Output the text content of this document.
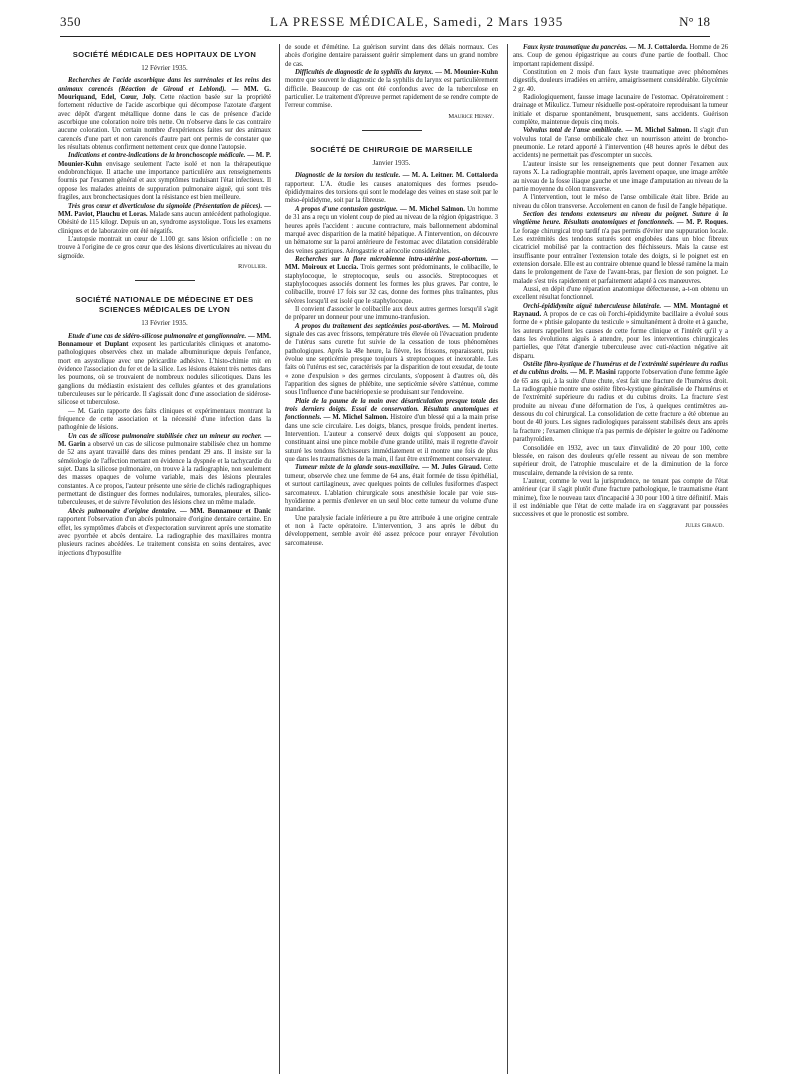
350	LA PRESSE MÉDICALE, Samedi, 2 Mars 1935	N° 18
SOCIÉTÉ MÉDICALE DES HOPITAUX DE LYON
12 Février 1935.

Recherches de l'acide ascorbique dans les surrénales et les reins des animaux carencés (Réaction de Giroud et Leblond). — MM. G. Mouriquand, Edel, Cœur, Joly. Cette réaction basée sur la propriété fortement réductive de l'acide ascorbique qui décompose l'azotate d'argent avec dépôt d'argent métallique donne dans le cas de présence d'acide ascorbique une coloration noire très nette. On n'observe dans le cas contraire aucune coloration. Un certain nombre d'expériences faites sur des animaux carencés d'une part et non carencés d'autre part ont permis de constater que les résultats obtenus confirment nettement ceux que donne l'autopsie.

Indications et contre-indications de la bronchoscopie médicale. — M. P. Mounier-Kuhn envisage seulement l'acte isolé et non la thérapeutique endobronchique. Il attache une importance particulière aux renseignements fournis par l'examen général et aux symptômes traduisant l'état infectieux. Il oppose les malades atteints de suppuration pulmonaire aiguë, qui sont très fragiles, aux bronchectasiques dont la résistance est bien meilleure.

Très gros cœur et diverticulose du sigmoïde (Présentation de pièces). — MM. Paviot, Plauchu et Loras. Malade sans aucun antécédent pathologique. Obésité de 115 kilogr. Depuis un an, syndrome asystolique. Tous les examens cliniques et de laboratoire ont été négatifs.

L'autopsie montrait un cœur de 1.100 gr. sans lésion orificielle : on ne trouve à l'origine de ce gros cœur que des lésions diverticulaires au niveau du sigmoïde.

Rivollier.
SOCIÉTÉ NATIONALE DE MÉDECINE ET DES SCIENCES MÉDICALES DE LYON
13 Février 1935.

Etude d'une cas de sidéro-silicose pulmonaire et ganglionnaire. — MM. Bonnamour et Duplant exposent les particularités cliniques et anatomo-pathologiques observées chez un malade albuminurique depuis l'enfance, mort en asystolique avec une péricardite adhésive. L'histo-chimie mit en évidence l'association du fer et de la silice. Les lésions étaient très nettes dans les poumons, où se trouvaient de nombreux nodules silicotiques. Dans les ganglions du médiastin existaient des cellules géantes et des granulations tuberculeuses sur le péricarde. Il s'agissait donc d'une association de sidérose-silicose et tuberculose.

— M. Garin rapporte des faits cliniques et expérimentaux montrant la fréquence de cette association et la nécessité d'une infection dans la pathogénie de lésions.

Un cas de silicose pulmonaire stabilisée chez un mineur au rocher. — M. Garin a observé un cas de silicose pulmonaire stabilisée chez un homme de 52 ans ayant travaillé dans des mines pendant 29 ans. Il insiste sur la séméiologie de l'affection mettant en évidence la dyspnée et la tachycardie du sujet. Dans la silicose pulmonaire, on trouve à la radiographie, non seulement des masses opaques de volume variable, mais des lésions pleurales constantes. A ce propos, l'auteur présente une série de clichés radiographiques permettant de distinguer des formes nodulaires, tumorales, pleurales, silico-tuberculeuses, et de suivre l'évolution des lésions chez un même malade.

Abcès pulmonaire d'origine dentaire. — MM. Bonnamour et Danic rapportent l'observation d'un abcès pulmonaire d'origine dentaire certaine. En effet, les symptômes d'abcès et d'expectoration survinrent après une stomatite avec pyorrhée et abcès dentaire. La radiographie des maxillaires montra plusieurs racines abcédées. Le traitement consista en soins dentaires, avec injections d'hyposulfite

de soude et d'émétine. La guérison survint dans des délais normaux. Ces abcès d'origine dentaire paraissent guérir simplement dans un grand nombre de cas.

Difficultés de diagnostic de la syphilis du larynx. — M. Mounier-Kuhn montre que souvent le diagnostic de la syphilis du larynx est particulièrement difficile. Beaucoup de cas ont été confondus avec de la tuberculose en particulier. Le traitement d'épreuve permet rapidement de se rendre compte de l'erreur commise.

Maurice Henry.
SOCIÉTÉ DE CHIRURGIE DE MARSEILLE
Janvier 1935.

Diagnostic de la torsion du testicule. — M. A. Leitner. M. Cottalorda rapporteur. L'A. étudie les causes anatomiques des formes pseudo-épididymaires des torsions qui sont le modelage des veines en stase soit par le méso-épididyme, soit par la fibreuse.

A propos d'une contusion gastrique. — M. Michel Salmon. Un homme de 31 ans a reçu un violent coup de pied au niveau de la région épigastrique. 3 heures après l'accident : aucune contracture, mais ballonnement abdominal marqué avec disparition de la matité hépatique. A l'intervention, on découvre un hématome sur la paroi antérieure de l'estomac avec dilatation considérable des veines gastriques. Aérogastrie et aérocolie considérables.

Recherches sur la flore microbienne intra-utérine post-abortum. — MM. Moiroux et Luccia. Trois germes sont prédominants, le colibacille, le staphylocoque, le streptocoque, seuls ou associés. Streptocoques et staphylocoques associés donnent les formes les plus graves. Par contre, le colibacille, trouvé 17 fois sur 32 cas, donne des formes plus traînantes, plus sévères lorsqu'il est isolé que le staphylocoque.

Il convient d'associer le colibacille aux deux autres germes lorsqu'il s'agit de préparer un donneur pour une immuno-tranfusion.

A propos du traitement des septicémies post-abortives. — M. Moiroud signale des cas avec frissons, température très élevée où l'évacuation prudente de l'utérus sans curette fut suivie de la cessation de tous phénomènes pathologiques. Après la 48e heure, la fièvre, les frissons, reparaissent, puis évolue une septicémie presque toujours à streptocoques et inexorable. Les faits où l'utérus est sec, caractérisés par la disparition de tout exsudat, de toute « zone d'expulsion » des germes circulants, s'opposent à d'autres où, dès l'apparition des signes de phlébite, une septicémie sévère s'atténue, comme sous l'influence d'une bactériopexie se produisant sur l'endoveine.

Plaie de la paume de la main avec désarticulation presque totale des trois derniers doigts. Essai de conservation. Résultats anatomiques et fonctionnels. — M. Michel Salmon. Histoire d'un blessé qui a la main prise dans une scie circulaire. Les doigts, blancs, presque froids, pendent inertes. Intervention. L'auteur a conservé deux doigts qui s'opposent au pouce, constituant ainsi une pince mobile d'une grande utilité, mais il regrette d'avoir suturé les tendons fléchisseurs immédiatement et il montre une fois de plus que dans les traumatismes de la main, il faut être extrêmement conservateur.

Tumeur mixte de la glande sous-maxillaire. — M. Jules Giraud. Cette tumeur, observée chez une femme de 64 ans, était formée de tissu épithélial, et surtout cartilagineux, avec quelques points de cellules fusiformes d'aspect sarcomateux. L'ablation chirurgicale sous anesthésie locale par voie sus-hyoïdienne a permis d'enlever en un seul bloc cette tumeur du volume d'une mandarine.

Une paralysie faciale inférieure a pu être attribuée à une origine centrale et non à l'acte opératoire. L'intervention, 3 ans après le début du développement, semble avoir été assez précoce pour enrayer l'évolution sarcomateuse.

Faux kyste traumatique du pancréas. — M. J. Cottalorda. Homme de 26 ans. Coup de genou épigastrique au cours d'une partie de football. Choc important rapidement dissipé.

Constitution en 2 mois d'un faux kyste traumatique avec phénomènes digestifs, douleurs irradiées en arrière, amaigrissement considérable. Glycémie 2 gr. 40.

Radiologiquement, fausse image lacunaire de l'estomac. Opératoirement : drainage et Mikulicz. Tumeur résiduelle post-opératoire reproduisant la tumeur initiale et disparue spontanément, brusquement, sans accidents. Guérison complète, maintenue depuis cinq mois.

Volvulus total de l'anse ombilicale. — M. Michel Salmon. Il s'agit d'un volvulus total de l'anse ombilicale chez un nourrisson atteint de broncho-pneumonie. Le retard apporté à l'intervention (48 heures après le début des accidents) ne permettait pas d'escompter un succès.

L'auteur insiste sur les renseignements que peut donner l'examen aux rayons X. La radiographie montrait, après lavement opaque, une image arrêtée au niveau de la fosse iliaque gauche et une image d'amputation au niveau de la partie moyenne du côlon transverse.

A l'intervention, tout le méso de l'anse ombilicale était libre. Bride au niveau du côlon transverse. Accolement en canon de fusil de l'angle hépatique.

Section des tendons extenseurs au niveau du poignet. Suture à la vingtième heure. Résultats anatomiques et fonctionnels. — M. P. Roques. Le forage chirurgical trop tardif n'a pas permis d'éviter une suppuration locale. Les extrémités des tendons suturés sont englobées dans un bloc fibreux cicatriciel mobilisé par la contraction des fléchisseurs. Mais la cause est insuffisante pour entraîner l'extension totale des doigts, si le poignet est en extension dorsale. Elle est au contraire obtenue quand le blessé ramène la main dans le prolongement de l'axe de l'avant-bras, par flexion de son poignet. Le malade s'est très rapidement et parfaitement adapté à ces manœuvres.

Aussi, en dépit d'une réparation anatomique défectueuse, a-t-on obtenu un excellent résultat fonctionnel.

Orchi-épididymite aiguë tuberculeuse bilatérale. — MM. Montagné et Raynaud. A propos de ce cas où l'orchi-épididymite bacillaire a évolué sous forme de « phtisie galopante du testicule » simultanément à droite et à gauche, les auteurs rappellent les causes de cette forme clinique et l'intérêt qu'il y a dans les évolutions aiguës à attendre, pour les interventions chirurgicales partielles, que l'état d'anergie tuberculeuse avec cuti-réaction négative ait disparu.

Ostéite fibro-kystique de l'humérus et de l'extrémité supérieure du radius et du cubitus droits. — M. P. Masini rapporte l'observation d'une femme âgée de 65 ans qui, à la suite d'une chute, s'est fait une fracture de l'humérus droit. La radiographie montre une ostéite fibro-kystique généralisée de l'humérus et de l'extrémité supérieure du radius et du cubitus droits. La fracture s'est produite au niveau d'une déformation de l'os, à quelques centimètres au-dessous du col chirurgical. La consolidation de cette fracture a été obtenue au bout de 40 jours. Les signes radiologiques paraissent stabilisés deux ans après la fracture ; l'examen clinique n'a pas permis de dépister le goitre ou l'adénome parathyroïdien.

Consolidée en 1932, avec un taux d'invalidité de 20 pour 100, cette blessée, en raison des douleurs qu'elle ressent au niveau de son membre supérieur droit, de l'atrophie musculaire et de la diminution de la force musculaire, demande la révision de sa rente.

L'auteur, comme le veut la jurisprudence, ne tenant pas compte de l'état antérieur (car il s'agit plutôt d'une fracture pathologique, le traumatisme étant minime), fixe le nouveau taux d'incapacité à 30 pour 100 à titre définitif. Mais il est indéniable que l'état de cette malade ira en s'aggravant par poussées successives et que le pronostic est sombre.

Jules Giraud.
